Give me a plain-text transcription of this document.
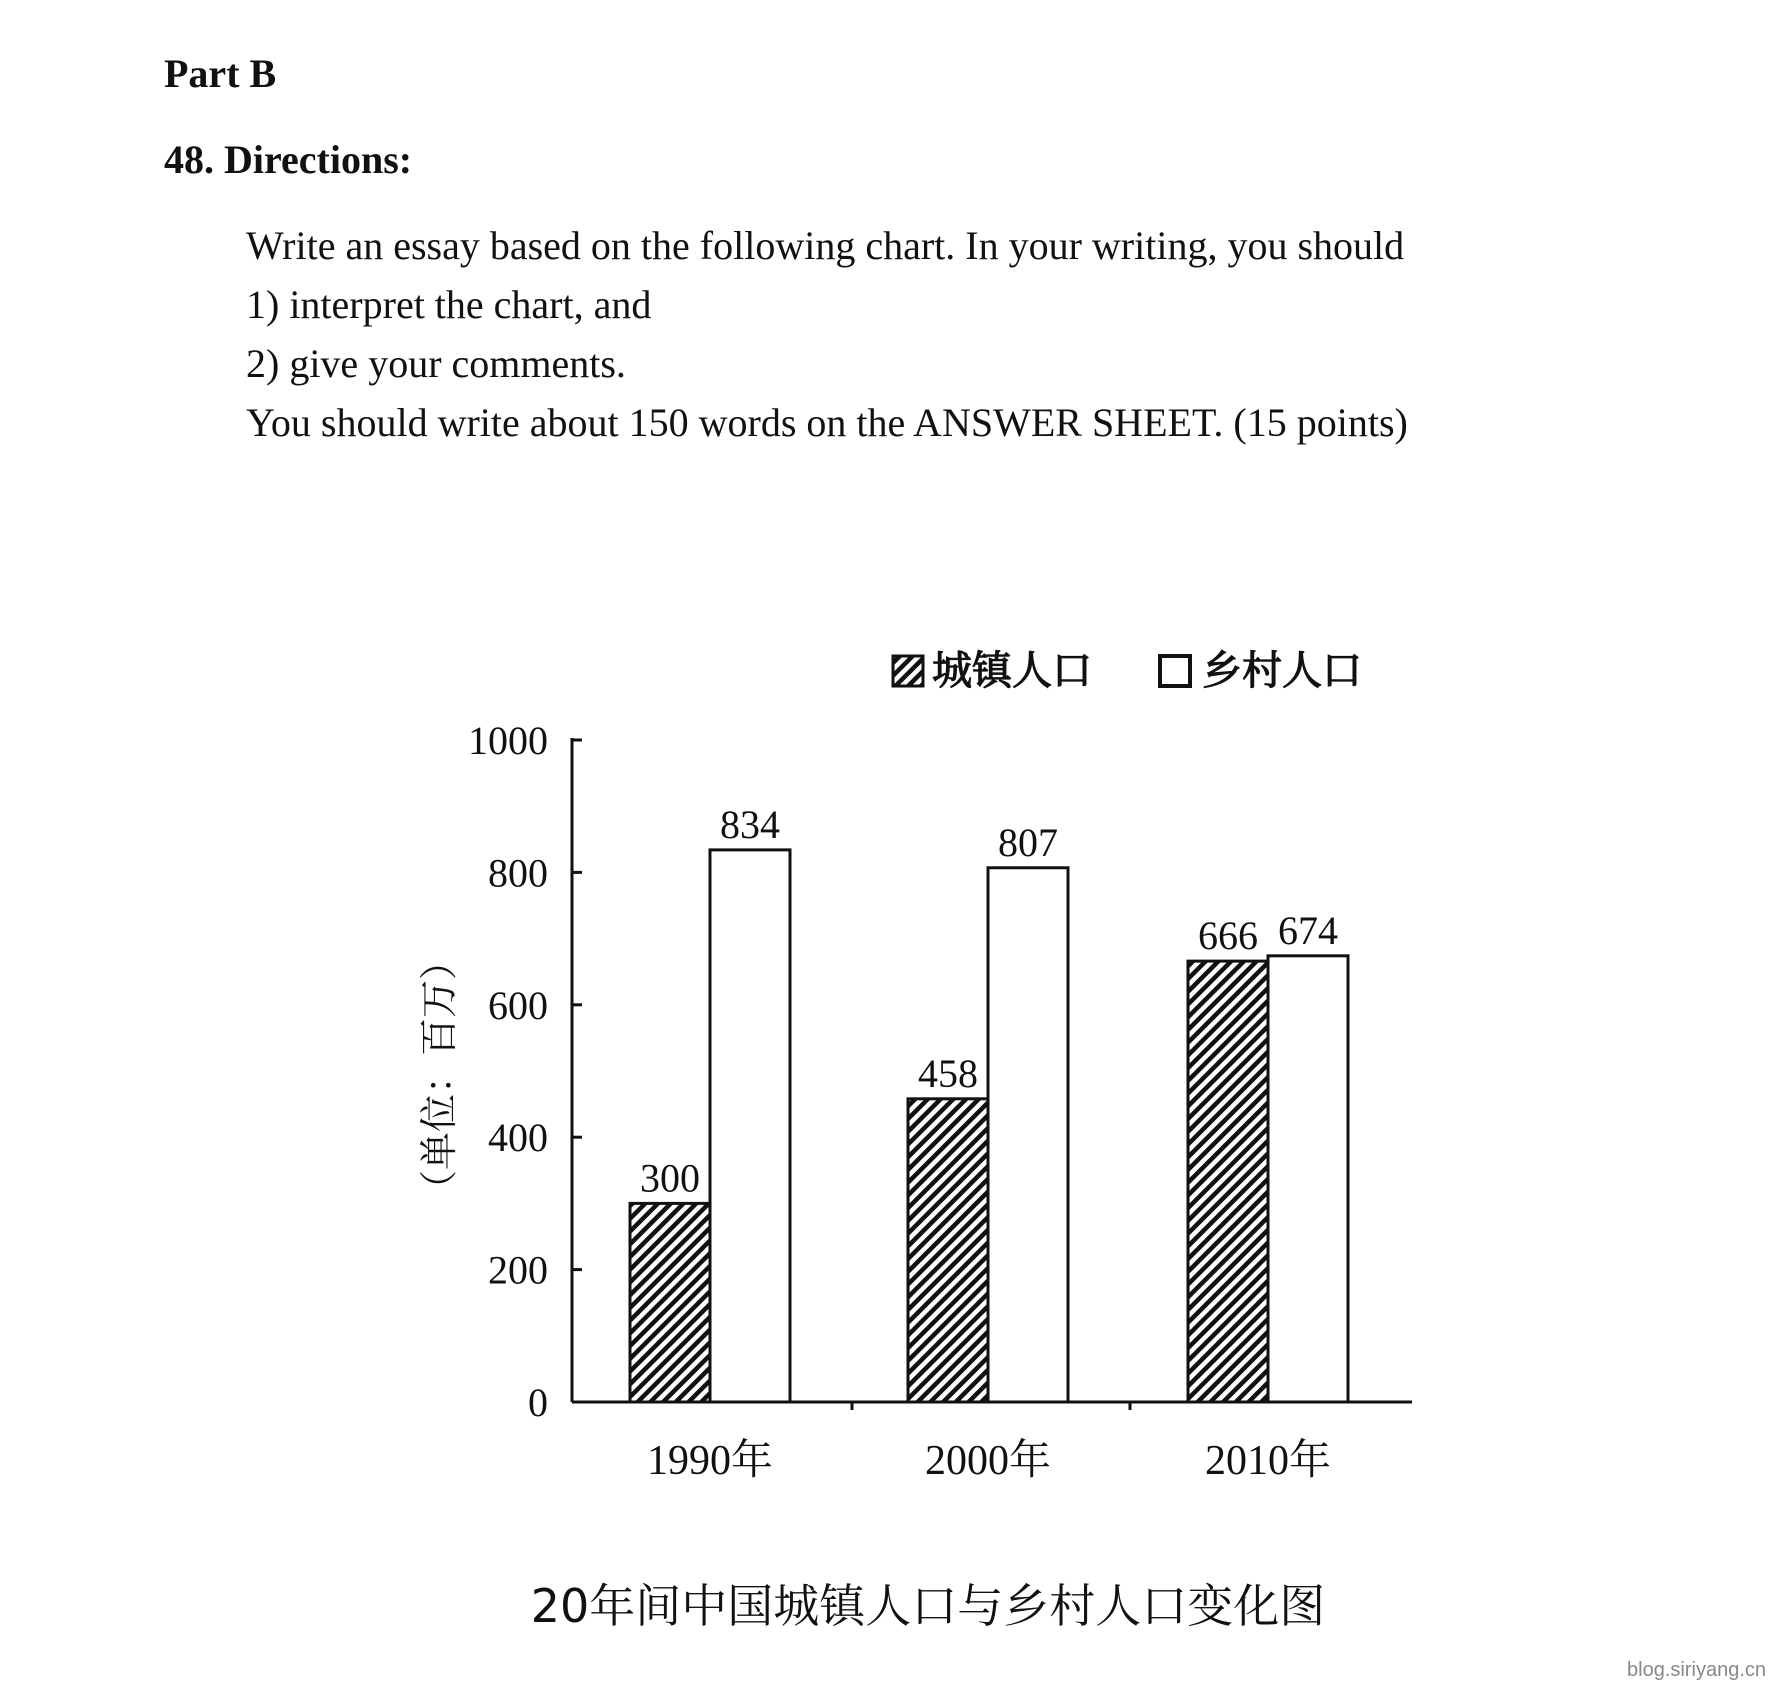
Part B
48. Directions:

Write an essay based on the following chart. In your writing, you should

1) interpret the chart, and

2) give your comments.

You should write about 150 words on the ANSWER SHEET. (15 points)

0
200
400
600
800
1000
（单位：百万）	300
834
1990年
458
807
2000年
666 674
2010年
城镇人口	乡村人口
20年间中国城镇人口与乡村人口变化图
blog.siriyang.cn
